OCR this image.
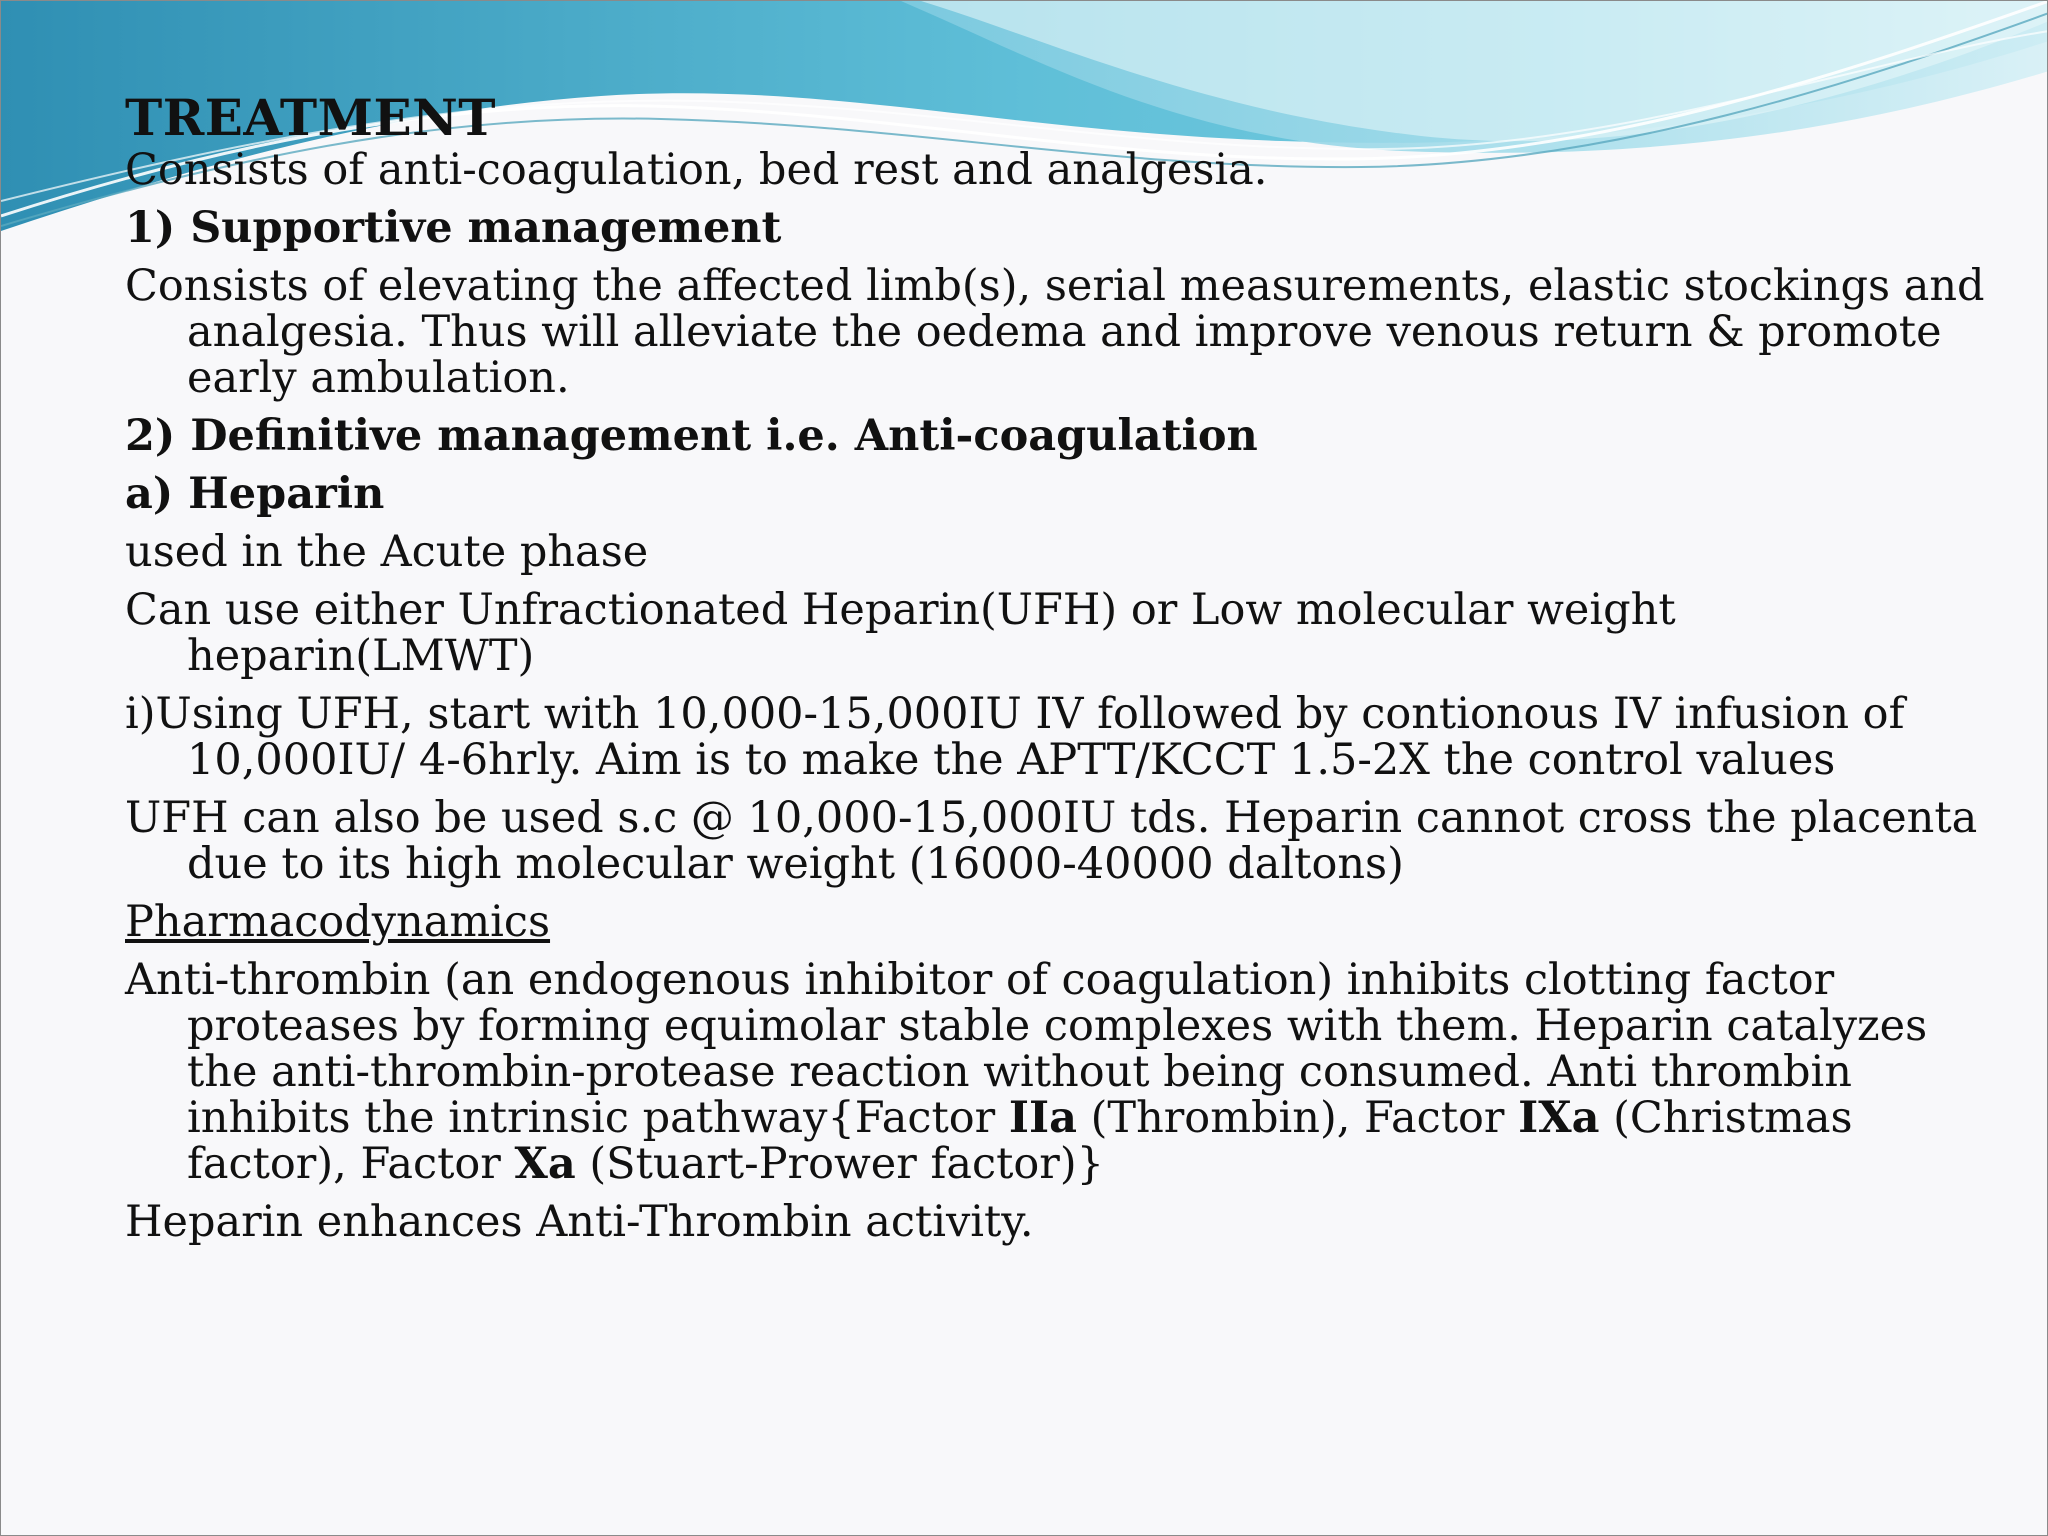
TREATMENT
Consists of anti-coagulation, bed rest and analgesia.
1) Supportive management
Consists of elevating the affected limb(s), serial measurements, elastic stockings and analgesia. Thus will alleviate the oedema and improve venous return & promote early ambulation.
2) Definitive management i.e. Anti-coagulation
a) Heparin
used in the Acute phase
Can use either Unfractionated Heparin(UFH) or Low molecular weight heparin(LMWT)
i)Using UFH, start with 10,000-15,000IU IV followed by contionous IV infusion of 10,000IU/ 4-6hrly. Aim is to make the APTT/KCCT 1.5-2X the control values
UFH can also be used s.c @ 10,000-15,000IU tds. Heparin cannot cross the placenta due to its high molecular weight (16000-40000 daltons)
Pharmacodynamics
Anti-thrombin (an endogenous inhibitor of coagulation) inhibits clotting factor proteases by forming equimolar stable complexes with them. Heparin catalyzes the anti-thrombin-protease reaction without being consumed. Anti thrombin inhibits the intrinsic pathway{Factor IIa (Thrombin), Factor IXa (Christmas factor), Factor Xa (Stuart-Prower factor)}
Heparin enhances Anti-Thrombin activity.
